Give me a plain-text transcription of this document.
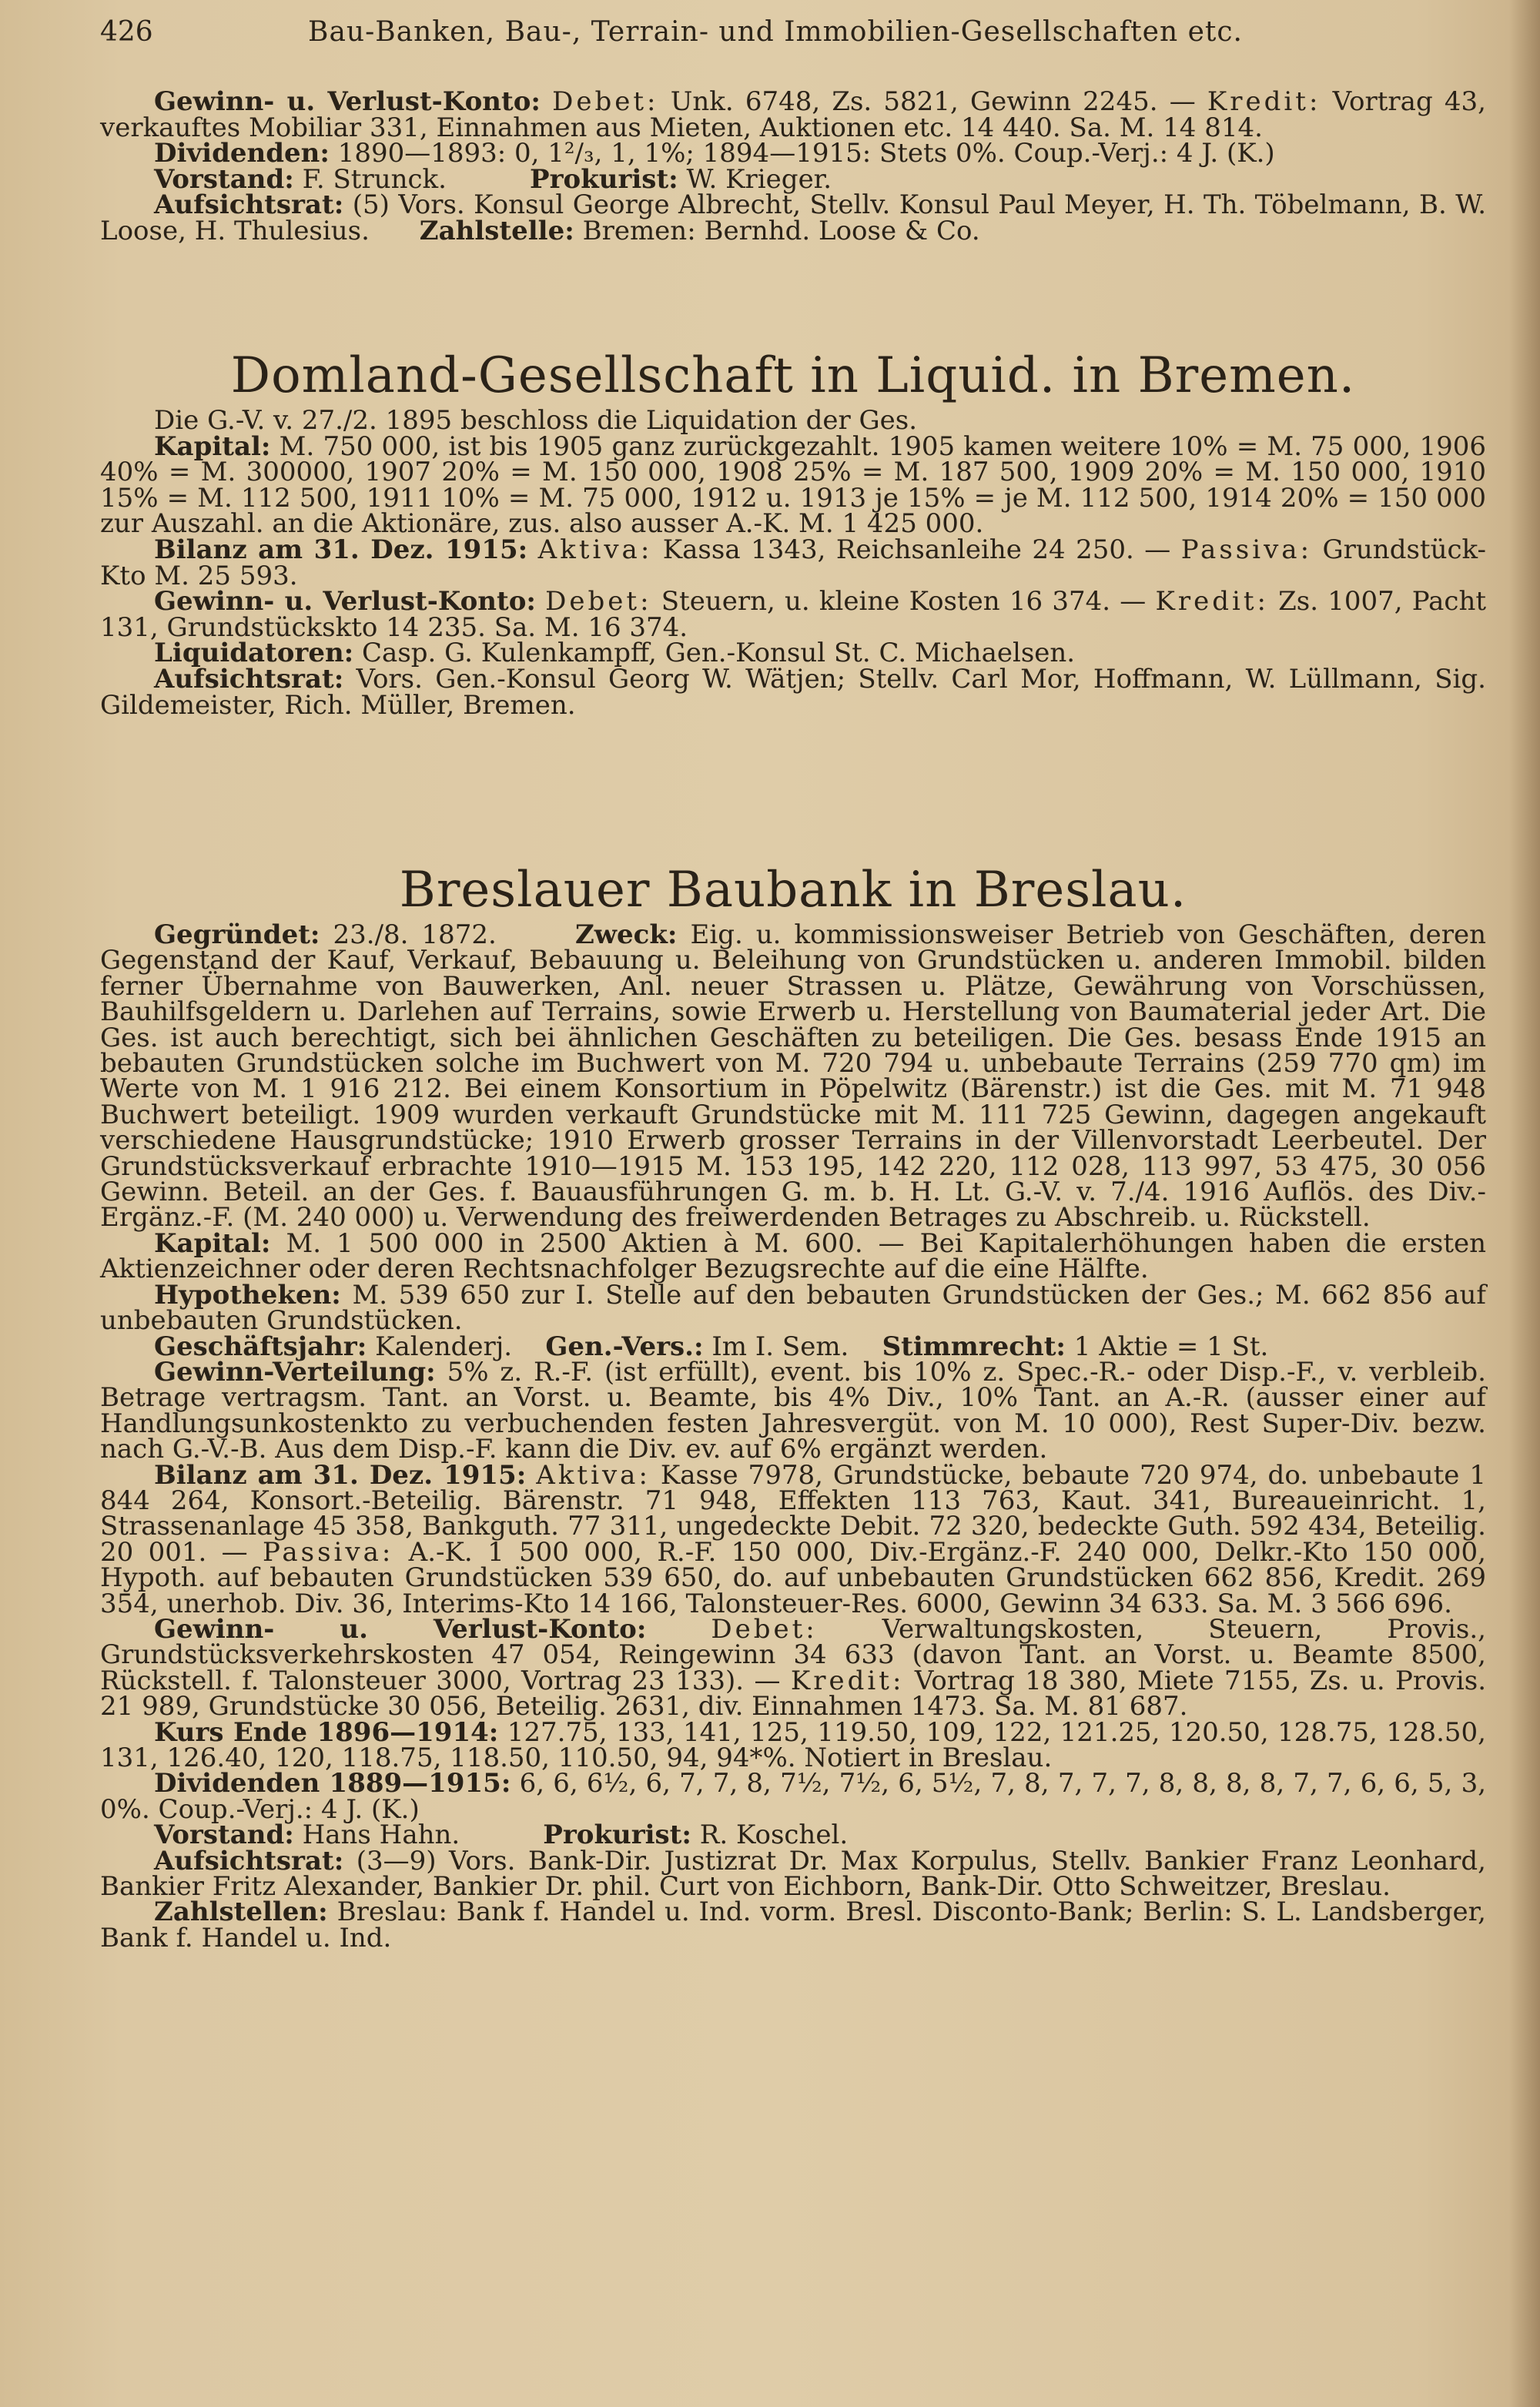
426	Bau-Banken, Bau-, Terrain- und Immobilien-Gesellschaften etc.

Gewinn- u. Verlust-Konto: Debet: Unk. 6748, Zs. 5821, Gewinn 2245. — Kredit: Vortrag 43, verkauftes Mobiliar 331, Einnahmen aus Mieten, Auktionen etc. 14 440. Sa. M. 14 814.

Dividenden: 1890—1893: 0, 1²/₃, 1, 1%; 1894—1915: Stets 0%. Coup.-Verj.: 4 J. (K.)

Vorstand: F. Strunck.	Prokurist: W. Krieger.

Aufsichtsrat: (5) Vors. Konsul George Albrecht, Stellv. Konsul Paul Meyer, H. Th. Töbelmann, B. W. Loose, H. Thulesius. Zahlstelle: Bremen: Bernhd. Loose & Co.

Domland-Gesellschaft in Liquid. in Bremen.

Die G.-V. v. 27./2. 1895 beschloss die Liquidation der Ges.

Kapital: M. 750 000, ist bis 1905 ganz zurückgezahlt. 1905 kamen weitere 10% = M. 75 000, 1906 40% = M. 300000, 1907 20% = M. 150 000, 1908 25% = M. 187 500, 1909 20% = M. 150 000, 1910 15% = M. 112 500, 1911 10% = M. 75 000, 1912 u. 1913 je 15% = je M. 112 500, 1914 20% = 150 000 zur Auszahl. an die Aktionäre, zus. also ausser A.-K. M. 1 425 000.

Bilanz am 31. Dez. 1915: Aktiva: Kassa 1343, Reichsanleihe 24 250. — Passiva: Grundstück-Kto M. 25 593.

Gewinn- u. Verlust-Konto: Debet: Steuern, u. kleine Kosten 16 374. — Kredit: Zs. 1007, Pacht 131, Grundstückskto 14 235. Sa. M. 16 374.

Liquidatoren: Casp. G. Kulenkampff, Gen.-Konsul St. C. Michaelsen.

Aufsichtsrat: Vors. Gen.-Konsul Georg W. Wätjen; Stellv. Carl Mor, Hoffmann, W. Lüllmann, Sig. Gildemeister, Rich. Müller, Bremen.

Breslauer Baubank in Breslau.

Gegründet: 23./8. 1872.	Zweck: Eig. u. kommissionsweiser Betrieb von Geschäften, deren Gegenstand der Kauf, Verkauf, Bebauung u. Beleihung von Grundstücken u. anderen Immobil. bilden ferner Übernahme von Bauwerken, Anl. neuer Strassen u. Plätze, Gewährung von Vorschüssen, Bauhilfsgeldern u. Darlehen auf Terrains, sowie Erwerb u. Herstellung von Baumaterial jeder Art. Die Ges. ist auch berechtigt, sich bei ähnlichen Geschäften zu beteiligen. Die Ges. besass Ende 1915 an bebauten Grundstücken solche im Buchwert von M. 720 794 u. unbebaute Terrains (259 770 qm) im Werte von M. 1 916 212. Bei einem Konsortium in Pöpelwitz (Bärenstr.) ist die Ges. mit M. 71 948 Buchwert beteiligt. 1909 wurden verkauft Grundstücke mit M. 111 725 Gewinn, dagegen angekauft verschiedene Hausgrundstücke; 1910 Erwerb grosser Terrains in der Villenvorstadt Leerbeutel. Der Grundstücksverkauf erbrachte 1910—1915 M. 153 195, 142 220, 112 028, 113 997, 53 475, 30 056 Gewinn. Beteil. an der Ges. f. Bauausführungen G. m. b. H. Lt. G.-V. v. 7./4. 1916 Auflös. des Div.-Ergänz.-F. (M. 240 000) u. Verwendung des freiwerdenden Betrages zu Abschreib. u. Rückstell.

Kapital: M. 1 500 000 in 2500 Aktien à M. 600. — Bei Kapitalerhöhungen haben die ersten Aktienzeichner oder deren Rechtsnachfolger Bezugsrechte auf die eine Hälfte.

Hypotheken: M. 539 650 zur I. Stelle auf den bebauten Grundstücken der Ges.; M. 662 856 auf unbebauten Grundstücken.

Geschäftsjahr: Kalenderj. Gen.-Vers.: Im I. Sem. Stimmrecht: 1 Aktie = 1 St.

Gewinn-Verteilung: 5% z. R.-F. (ist erfüllt), event. bis 10% z. Spec.-R.- oder Disp.-F., v. verbleib. Betrage vertragsm. Tant. an Vorst. u. Beamte, bis 4% Div., 10% Tant. an A.-R. (ausser einer auf Handlungsunkostenkto zu verbuchenden festen Jahresvergüt. von M. 10 000), Rest Super-Div. bezw. nach G.-V.-B. Aus dem Disp.-F. kann die Div. ev. auf 6% ergänzt werden.

Bilanz am 31. Dez. 1915: Aktiva: Kasse 7978, Grundstücke, bebaute 720 974, do. unbebaute 1 844 264, Konsort.-Beteilig. Bärenstr. 71 948, Effekten 113 763, Kaut. 341, Bureaueinricht. 1, Strassenanlage 45 358, Bankguth. 77 311, ungedeckte Debit. 72 320, bedeckte Guth. 592 434, Beteilig. 20 001. — Passiva: A.-K. 1 500 000, R.-F. 150 000, Div.-Ergänz.-F. 240 000, Delkr.-Kto 150 000, Hypoth. auf bebauten Grundstücken 539 650, do. auf unbebauten Grundstücken 662 856, Kredit. 269 354, unerhob. Div. 36, Interims-Kto 14 166, Talonsteuer-Res. 6000, Gewinn 34 633. Sa. M. 3 566 696.

Gewinn- u. Verlust-Konto: Debet: Verwaltungskosten, Steuern, Provis., Grundstücksverkehrskosten 47 054, Reingewinn 34 633 (davon Tant. an Vorst. u. Beamte 8500, Rückstell. f. Talonsteuer 3000, Vortrag 23 133). — Kredit: Vortrag 18 380, Miete 7155, Zs. u. Provis. 21 989, Grundstücke 30 056, Beteilig. 2631, div. Einnahmen 1473. Sa. M. 81 687.

Kurs Ende 1896—1914: 127.75, 133, 141, 125, 119.50, 109, 122, 121.25, 120.50, 128.75, 128.50, 131, 126.40, 120, 118.75, 118.50, 110.50, 94, 94*%. Notiert in Breslau.

Dividenden 1889—1915: 6, 6, 6½, 6, 7, 7, 8, 7½, 7½, 6, 5½, 7, 8, 7, 7, 7, 8, 8, 8, 8, 7, 7, 6, 6, 5, 3, 0%. Coup.-Verj.: 4 J. (K.)

Vorstand: Hans Hahn.	Prokurist: R. Koschel.

Aufsichtsrat: (3—9) Vors. Bank-Dir. Justizrat Dr. Max Korpulus, Stellv. Bankier Franz Leonhard, Bankier Fritz Alexander, Bankier Dr. phil. Curt von Eichborn, Bank-Dir. Otto Schweitzer, Breslau.

Zahlstellen: Breslau: Bank f. Handel u. Ind. vorm. Bresl. Disconto-Bank; Berlin: S. L. Landsberger, Bank f. Handel u. Ind.
